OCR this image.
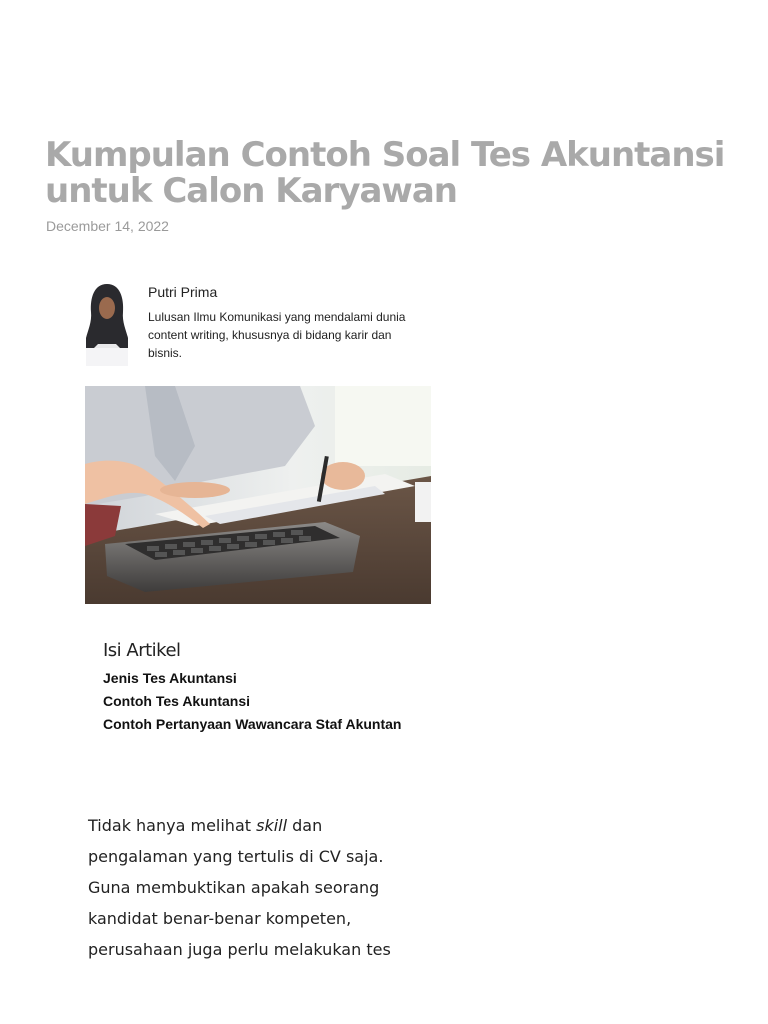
Kumpulan Contoh Soal Tes Akuntansi untuk Calon Karyawan
December 14, 2022
Putri Prima
Lulusan Ilmu Komunikasi yang mendalami dunia content writing, khususnya di bidang karir dan bisnis.
Isi Artikel
Jenis Tes Akuntansi
Contoh Tes Akuntansi
Contoh Pertanyaan Wawancara Staf Akuntan

Tidak hanya melihat skill dan pengalaman yang tertulis di CV saja. Guna membuktikan apakah seorang kandidat benar-benar kompeten, perusahaan juga perlu melakukan tes
